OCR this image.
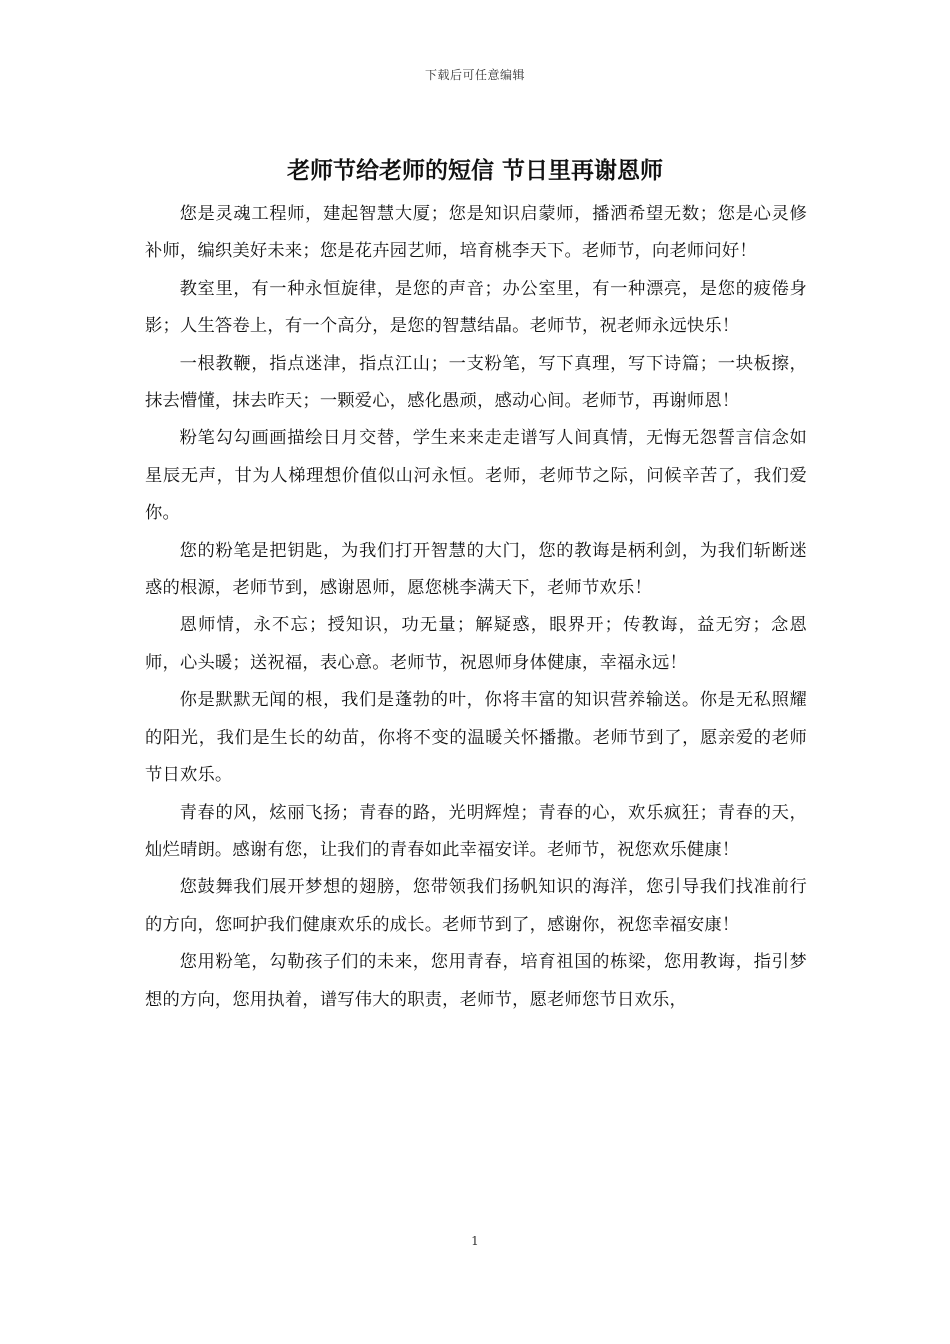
下载后可任意编辑
老师节给老师的短信 节日里再谢恩师

您是灵魂工程师，建起智慧大厦；您是知识启蒙师，播洒希望无数；您是心灵修补师，编织美好未来；您是花卉园艺师，培育桃李天下。老师节，向老师问好！

教室里，有一种永恒旋律，是您的声音；办公室里，有一种漂亮，是您的疲倦身影；人生答卷上，有一个高分，是您的智慧结晶。老师节，祝老师永远快乐！

一根教鞭，指点迷津，指点江山；一支粉笔，写下真理，写下诗篇；一块板擦，抹去懵懂，抹去昨天；一颗爱心，感化愚顽，感动心间。老师节，再谢师恩！

粉笔勾勾画画描绘日月交替，学生来来走走谱写人间真情，无悔无怨誓言信念如星辰无声，甘为人梯理想价值似山河永恒。老师，老师节之际，问候辛苦了，我们爱你。

您的粉笔是把钥匙，为我们打开智慧的大门，您的教诲是柄利剑，为我们斩断迷惑的根源，老师节到，感谢恩师，愿您桃李满天下，老师节欢乐！

恩师情，永不忘；授知识，功无量；解疑惑，眼界开；传教诲，益无穷；念恩师，心头暖；送祝福，表心意。老师节，祝恩师身体健康，幸福永远！

你是默默无闻的根，我们是蓬勃的叶，你将丰富的知识营养输送。你是无私照耀的阳光，我们是生长的幼苗，你将不变的温暖关怀播撒。老师节到了，愿亲爱的老师节日欢乐。

青春的风，炫丽飞扬；青春的路，光明辉煌；青春的心，欢乐疯狂；青春的天，灿烂晴朗。感谢有您，让我们的青春如此幸福安详。老师节，祝您欢乐健康！

您鼓舞我们展开梦想的翅膀，您带领我们扬帆知识的海洋，您引导我们找准前行的方向，您呵护我们健康欢乐的成长。老师节到了，感谢你，祝您幸福安康！

您用粉笔，勾勒孩子们的未来，您用青春，培育祖国的栋梁，您用教诲，指引梦想的方向，您用执着，谱写伟大的职责，老师节，愿老师您节日欢乐，

1
